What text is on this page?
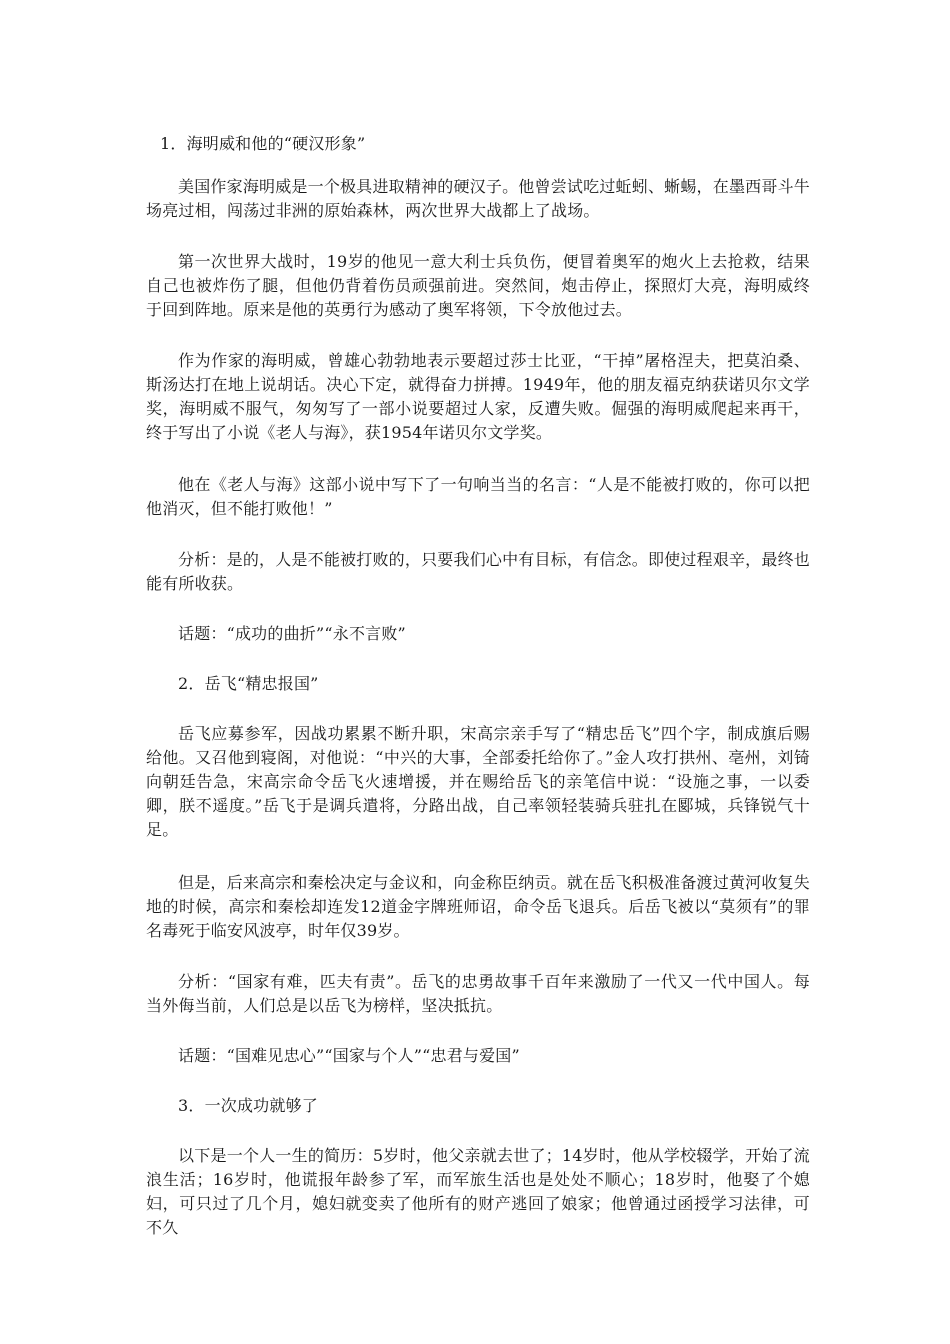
1．海明威和他的“硬汉形象”

美国作家海明威是一个极具进取精神的硬汉子。他曾尝试吃过蚯蚓、蜥蜴，在墨西哥斗牛场亮过相，闯荡过非洲的原始森林，两次世界大战都上了战场。

第一次世界大战时，19岁的他见一意大利士兵负伤，便冒着奥军的炮火上去抢救，结果自己也被炸伤了腿，但他仍背着伤员顽强前进。突然间，炮击停止，探照灯大亮，海明威终于回到阵地。原来是他的英勇行为感动了奥军将领，下令放他过去。

作为作家的海明威，曾雄心勃勃地表示要超过莎士比亚，“干掉”屠格涅夫，把莫泊桑、斯汤达打在地上说胡话。决心下定，就得奋力拼搏。1949年，他的朋友福克纳获诺贝尔文学奖，海明威不服气，匆匆写了一部小说要超过人家，反遭失败。倔强的海明威爬起来再干，终于写出了小说《老人与海》，获1954年诺贝尔文学奖。

他在《老人与海》这部小说中写下了一句响当当的名言：“人是不能被打败的，你可以把他消灭，但不能打败他！”

分析：是的，人是不能被打败的，只要我们心中有目标，有信念。即使过程艰辛，最终也能有所收获。

话题：“成功的曲折”“永不言败”

2．岳飞“精忠报国”

岳飞应募参军，因战功累累不断升职，宋高宗亲手写了“精忠岳飞”四个字，制成旗后赐给他。又召他到寝阁，对他说：“中兴的大事，全部委托给你了。”金人攻打拱州、亳州，刘锜向朝廷告急，宋高宗命令岳飞火速增援，并在赐给岳飞的亲笔信中说：“设施之事，一以委卿，朕不遥度。”岳飞于是调兵遣将，分路出战，自己率领轻装骑兵驻扎在郾城，兵锋锐气十足。

但是，后来高宗和秦桧决定与金议和，向金称臣纳贡。就在岳飞积极准备渡过黄河收复失地的时候，高宗和秦桧却连发12道金字牌班师诏，命令岳飞退兵。后岳飞被以“莫须有”的罪名毒死于临安风波亭，时年仅39岁。

分析：“国家有难，匹夫有责”。岳飞的忠勇故事千百年来激励了一代又一代中国人。每当外侮当前，人们总是以岳飞为榜样，坚决抵抗。

话题：“国难见忠心”“国家与个人”“忠君与爱国”

3．一次成功就够了

以下是一个人一生的简历：5岁时，他父亲就去世了；14岁时，他从学校辍学，开始了流浪生活；16岁时，他谎报年龄参了军，而军旅生活也是处处不顺心；18岁时，他娶了个媳妇，可只过了几个月，媳妇就变卖了他所有的财产逃回了娘家；他曾通过函授学习法律，可不久
